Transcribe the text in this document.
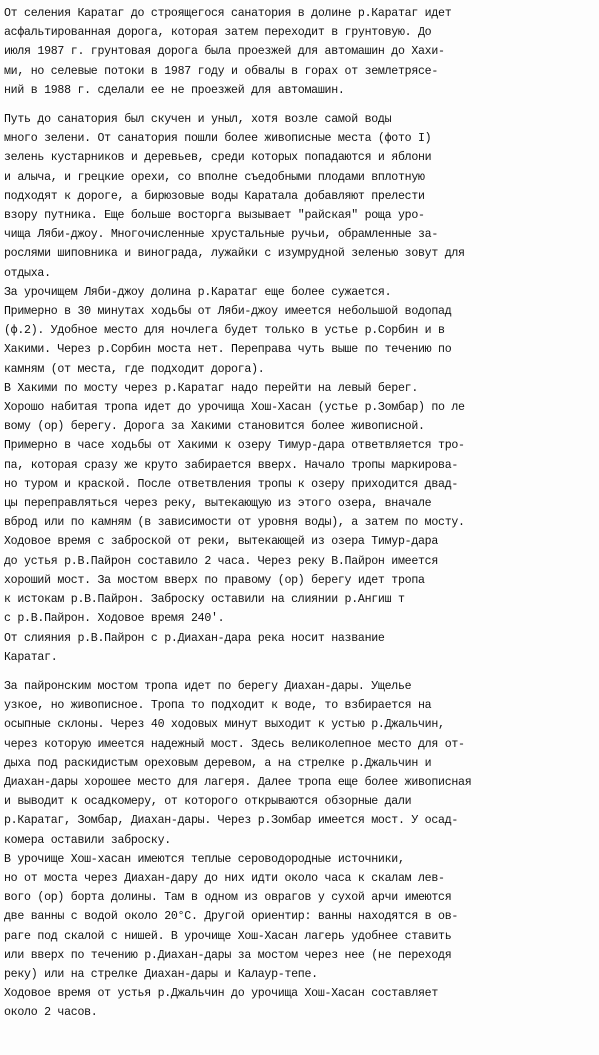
От селения Каратаг до строящегося санатория в долине р.Каратаг идет
асфальтированная дорога, которая затем переходит в грунтовую. До
июля 1987 г. грунтовая дорога была проезжей для автомашин до Хахи-
ми, но селевые потоки в 1987 году и обвалы в горах от землетрясе-
ний в 1988 г. сделали ее не проезжей для автомашин.
Путь до санатория был скучен и уныл, хотя возле самой воды
много зелени. От санатория пошли более живописные места (фото I)
зелень кустарников и деревьев, среди которых попадаются и яблони
и алыча, и грецкие орехи, со вполне съедобными плодами вплотную
подходят к дороге, а бирюзовые воды Каратала добавляют прелести
взору путника. Еще больше восторга вызывает "райская" роща уро-
чища Ляби-джоу. Многочисленные хрустальные ручьи, обрамленные за-
рослями шиповника и винограда, лужайки с изумрудной зеленью зовут для
отдыха.
За урочищем Ляби-джоу долина р.Каратаг еще более сужается.
Примерно в 30 минутах ходьбы от Ляби-джоу имеется небольшой водопад
(ф.2). Удобное место для ночлега будет только в устье р.Сорбин и в
Хакими. Через р.Сорбин моста нет. Переправа чуть выше по течению по
камням (от места, где подходит дорога).
В Хакими по мосту через р.Каратаг надо перейти на левый берег.
Хорошо набитая тропа идет до урочища Хош-Хасан (устье р.Зомбар) по ле
вому (ор) берегу. Дорога за Хакими становится более живописной.
Примерно в часе ходьбы от Хакими к озеру Тимур-дара ответвляется тро-
па, которая сразу же круто забирается вверх. Начало тропы маркирова-
но туром и краской. После ответвления тропы к озеру приходится двад-
цы переправляться через реку, вытекающую из этого озера, вначале
вброд или по камням (в зависимости от уровня воды), а затем по мосту.
Ходовое время с заброской от реки, вытекающей из озера Тимур-дара
до устья р.В.Пайрон составило 2 часа. Через реку В.Пайрон имеется
хороший мост. За мостом вверх по правому (ор) берегу идет тропа
к истокам р.В.Пайрон. Заброску оставили на слиянии р.Ангиш т
с р.В.Пайрон. Ходовое время 240'.
От слияния р.В.Пайрон с р.Диахан-дара река носит название
Каратаг.
За пайронским мостом тропа идет по берегу Диахан-дары. Ущелье
узкое, но живописное. Тропа то подходит к воде, то взбирается на
осыпные склоны. Через 40 ходовых минут выходит к устью р.Джальчин,
через которую имеется надежный мост. Здесь великолепное место для от-
дыха под раскидистым ореховым деревом, а на стрелке р.Джальчин и
Диахан-дары хорошее место для лагеря. Далее тропа еще более живописная
и выводит к осадкомеру, от которого открываются обзорные дали
р.Каратаг, Зомбар, Диахан-дары. Через р.Зомбар имеется мост. У осад-
комера оставили заброску.
В урочище Хош-хасан имеются теплые сероводородные источники,
но от моста через Диахан-дару до них идти около часа к скалам лев-
вого (ор) борта долины. Там в одном из оврагов у сухой арчи имеются
две ванны с водой около 20°С. Другой ориентир: ванны находятся в ов-
раге под скалой с нишей. В урочище Хош-Хасан лагерь удобнее ставить
или вверх по течению р.Диахан-дары за мостом через нее (не переходя
реку) или на стрелке Диахан-дары и Калаур-тепе.
Ходовое время от устья р.Джальчин до урочища Хош-Хасан составляет
около 2 часов.
